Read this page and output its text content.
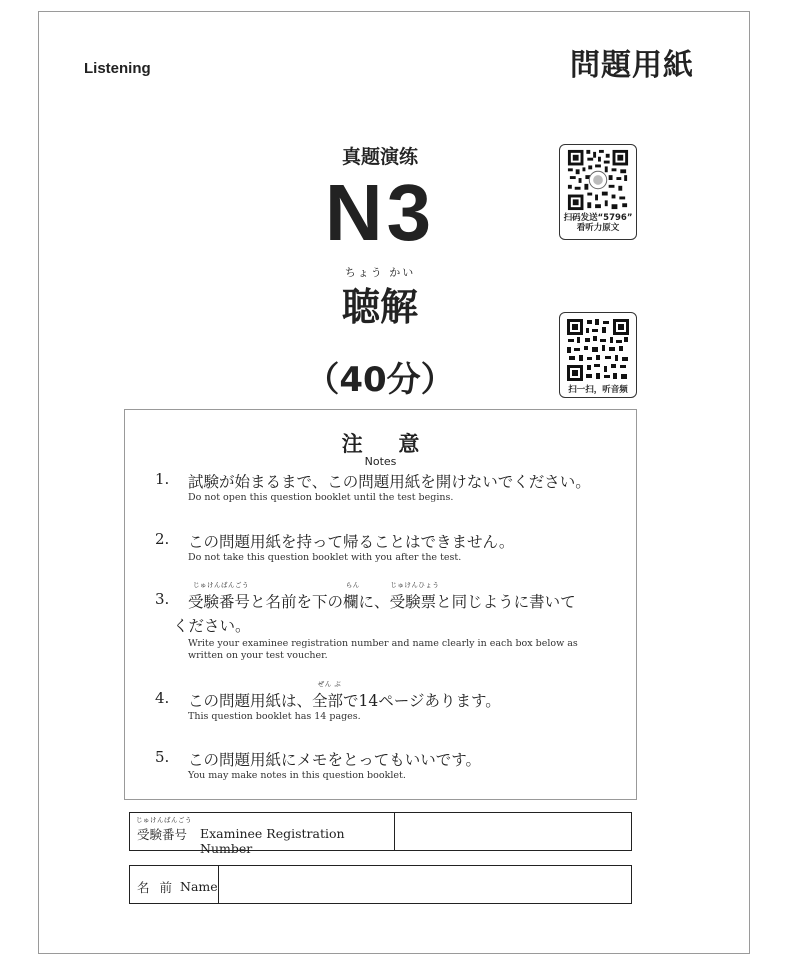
Listening	問題用紙
真题演练
N3
ちょう かい
聴解
（40分）
扫码发送“5796”
看听力原文
扫一扫，听音频
注$_{Notes}$意
1. 試験が始まるまで、この問題用紙を開けないでください。
Do not open this question booklet until the test begins.
2. この問題用紙を持って帰ることはできません。
Do not take this question booklet with you after the test.
3.
じゅけんばんごう
受験番号と名前を下の
らん
欄に、
じゅけんひょう
受験票と同じように書いて
ください。
Write your examinee registration number and name clearly in each box below as
written on your test voucher.
4. この問題用紙は、
ぜん ぶ
全部で14ページあります。
This question booklet has 14 pages.
5. この問題用紙にメモをとってもいいです。
You may make notes in this question booklet.
じゅけんばんごう
受験番号 Examinee Registration Number
名 前 Name
